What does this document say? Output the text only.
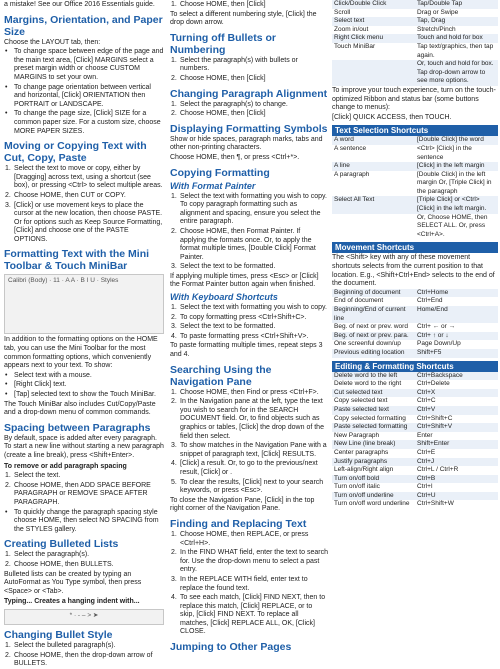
a mistake! See our Office 2016 Essentials guide.
Margins, Orientation, and Paper Size
Choose the LAYOUT tab, then:
• To change space between edge of the page and the main text area, [Click] MARGINS select a preset margin width or choose CUSTOM MARGINS to set your own.
• To change page orientation between vertical and horizontal, [Click] ORIENTATION then PORTRAIT or LANDSCAPE.
• To change the page size, [Click] SIZE for a common paper size. For a custom size, choose MORE PAPER SIZES.
Moving or Copying Text with Cut, Copy, Paste
1. Select the text to move or copy, either by [Dragging] across text, using a shortcut (see box), or pressing <Ctrl> to select multiple areas.
2. Choose HOME, then CUT or COPY.
3. [Click] or use movement keys to place the cursor at the new location, then choose PASTE. Or for options such as Keep Source Formatting, [Click] and choose one of the PASTE OPTIONS.
Formatting Text with the Mini Toolbar & Touch MiniBar
Calibri (Body) · 11 · A A · B I U · Styles
In addition to the formatting options on the HOME tab, you can use the Mini Toolbar for the most common formatting options, which conveniently appears next to your text. To show:
• Select text with a mouse.
• [Right Click] text.
• [Tap] selected text to show the Touch MiniBar.
The Touch MiniBar also includes Cut/Copy/Paste and a drop-down menu of common commands.
Spacing between Paragraphs
By default, space is added after every paragraph. To start a new line without starting a new paragraph (create a line break), press <Shift+Enter>.
To remove or add paragraph spacing
1. Select the text.
2. Choose HOME, then ADD SPACE BEFORE PARAGRAPH or REMOVE SPACE AFTER PARAGRAPH.
• To quickly change the paragraph spacing style choose HOME, then select NO SPACING from the STYLES gallery.
Creating Bulleted Lists
1. Select the paragraph(s).
2. Choose HOME, then BULLETS.
Bulleted lists can be created by typing an AutoFormat as You Type symbol, then press <Space> or <Tab>.
Typing... Creates a hanging indent with...
* · - – > ➤
Changing Bullet Style
1. Select the bulleted paragraph(s).
2. Choose HOME, then the drop-down arrow of BULLETS.
1. Choose HOME, then [Click]
To select a different numbering style, [Click] the drop down arrow.
Turning off Bullets or Numbering
1. Select the paragraph(s) with bullets or numbers.
2. Choose HOME, then [Click]
Changing Paragraph Alignment
1. Select the paragraph(s) to change.
2. Choose HOME, then [Click]
Displaying Formatting Symbols
Show or hide spaces, paragraph marks, tabs and other non-printing characters.
Choose HOME, then ¶, or press <Ctrl+*>.
Copying Formatting
With Format Painter
1. Select the text with formatting you wish to copy. To copy paragraph formatting such as alignment and spacing, ensure you select the entire paragraph.
2. Choose HOME, then Format Painter. If applying the formats once. Or, to apply the format multiple times, [Double Click] Format Painter.
3. Select the text to be formatted.
If applying multiple times, press <Esc> or [Click] the Format Painter button again when finished.
With Keyboard Shortcuts
1. Select the text with formatting you wish to copy.
2. To copy formatting press <Ctrl+Shift+C>.
3. Select the text to be formatted.
4. To paste formatting press <Ctrl+Shift+V>.
To paste formatting multiple times, repeat steps 3 and 4.
Searching Using the Navigation Pane
1. Choose HOME, then Find or press <Ctrl+F>.
2. In the Navigation pane at the left, type the text you wish to search for in the SEARCH DOCUMENT field. Or, to find objects such as graphics or tables, [Click] the drop down of the field then select.
3. To show matches in the Navigation Pane with a snippet of paragraph text, [Click] RESULTS.
4. [Click] a result. Or, to go to the previous/next result, [Click] or .
5. To clear the results, [Click] next to your search keywords, or press <Esc>.
To close the Navigation Pane, [Click] in the top right corner of the Navigation Pane.
Finding and Replacing Text
1. Choose HOME, then REPLACE, or press <Ctrl+H>.
2. In the FIND WHAT field, enter the text to search for. Use the drop-down menu to select a past entry.
3. In the REPLACE WITH field, enter text to replace the found text.
4. To see each match, [Click] FIND NEXT, then to replace this match, [Click] REPLACE, or to skip, [Click] FIND NEXT. To replace all matches, [Click] REPLACE ALL, OK, [Click] CLOSE.
Jumping to Other Pages
Click/Double Click	Tap/Double Tap
Scroll	Drag or Swipe
Select text	Tap, Drag
Zoom in/out	Stretch/Pinch
Right Click menu	Touch and hold for box
Touch MiniBar	Tap text/graphics, then tap again.
	Or, touch and hold for box. Tap drop-down arrow to see more options.
To improve your touch experience, turn on the touch-optimized Ribbon and status bar (some buttons change to menus):
[Click] QUICK ACCESS, then TOUCH.
Text Selection Shortcuts
A word	[Double Click] the word
A sentence	<Ctrl> [Click] in the sentence
A line	[Click] in the left margin
A paragraph	[Double Click] in the left margin Or, [Triple Click] in the paragraph
Select All Text	[Triple Click] or <Ctrl> [Click] in the left margin.
	Or, Choose HOME, then SELECT ALL. Or, press <Ctrl+A>.
Movement Shortcuts
The <Shift> key with any of these movement shortcuts selects from the current position to that location. E.g., <Shift+Ctrl+End> selects to the end of the document.
Beginning of document	Ctrl+Home
End of document	Ctrl+End
Beginning/End of current line	Home/End
Beg. of next or prev. word	Ctrl+ ← or →
Beg. of next or prev. para.	Ctrl+ ↑ or ↓
One screenful down/up	Page Down/Up
Previous editing location	Shift+F5
Editing & Formatting Shortcuts
Delete word to the left	Ctrl+Backspace
Delete word to the right	Ctrl+Delete
Cut selected text	Ctrl+X
Copy selected text	Ctrl+C
Paste selected text	Ctrl+V
Copy selected formatting	Ctrl+Shift+C
Paste selected formatting	Ctrl+Shift+V
New Paragraph	Enter
New Line (line break)	Shift+Enter
Center paragraphs	Ctrl+E
Justify paragraphs	Ctrl+J
Left-align/Right align	Ctrl+L / Ctrl+R
Turn on/off bold	Ctrl+B
Turn on/off italic	Ctrl+I
Turn on/off underline	Ctrl+U
Turn on/off word underline	Ctrl+Shift+W
